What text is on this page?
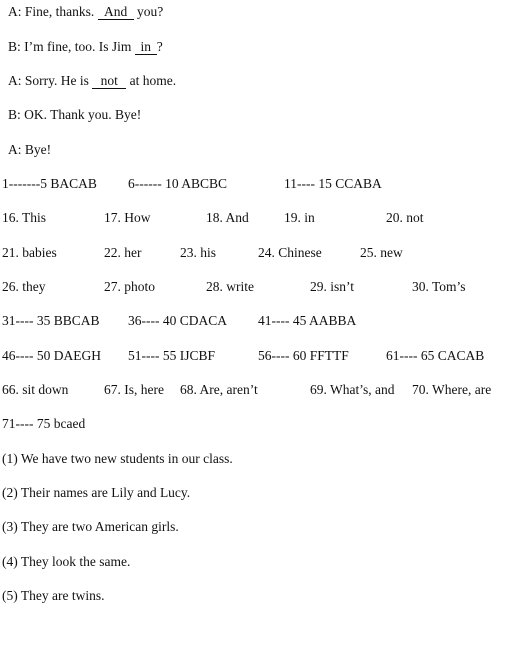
A: Fine, thanks. And you?
B: I’m fine, too. Is Jim in ?
A: Sorry. He is not at home.
B: OK. Thank you. Bye!
A: Bye!
1-------5 BACAB 6------ 10 ABCBC	11---- 15 CCABA
16. This	17. How	18. And	19. in	20. not
21. babies	22. her	23. his	24. Chinese	25. new
26. they	27. photo	28. write	29. isn’t	30. Tom’s
31---- 35 BBCAB 36---- 40 CDACA 41---- 45 AABBA
46---- 50 DAEGH 51---- 55 IJCBF	56---- 60 FFTTF	61---- 65 CACAB
66. sit down	67. Is, here 68. Are, aren’t	69. What’s, and 70. Where, are
71---- 75 bcaed
(1) We have two new students in our class.
(2) Their names are Lily and Lucy.
(3) They are two American girls.
(4) They look the same.
(5) They are twins.
